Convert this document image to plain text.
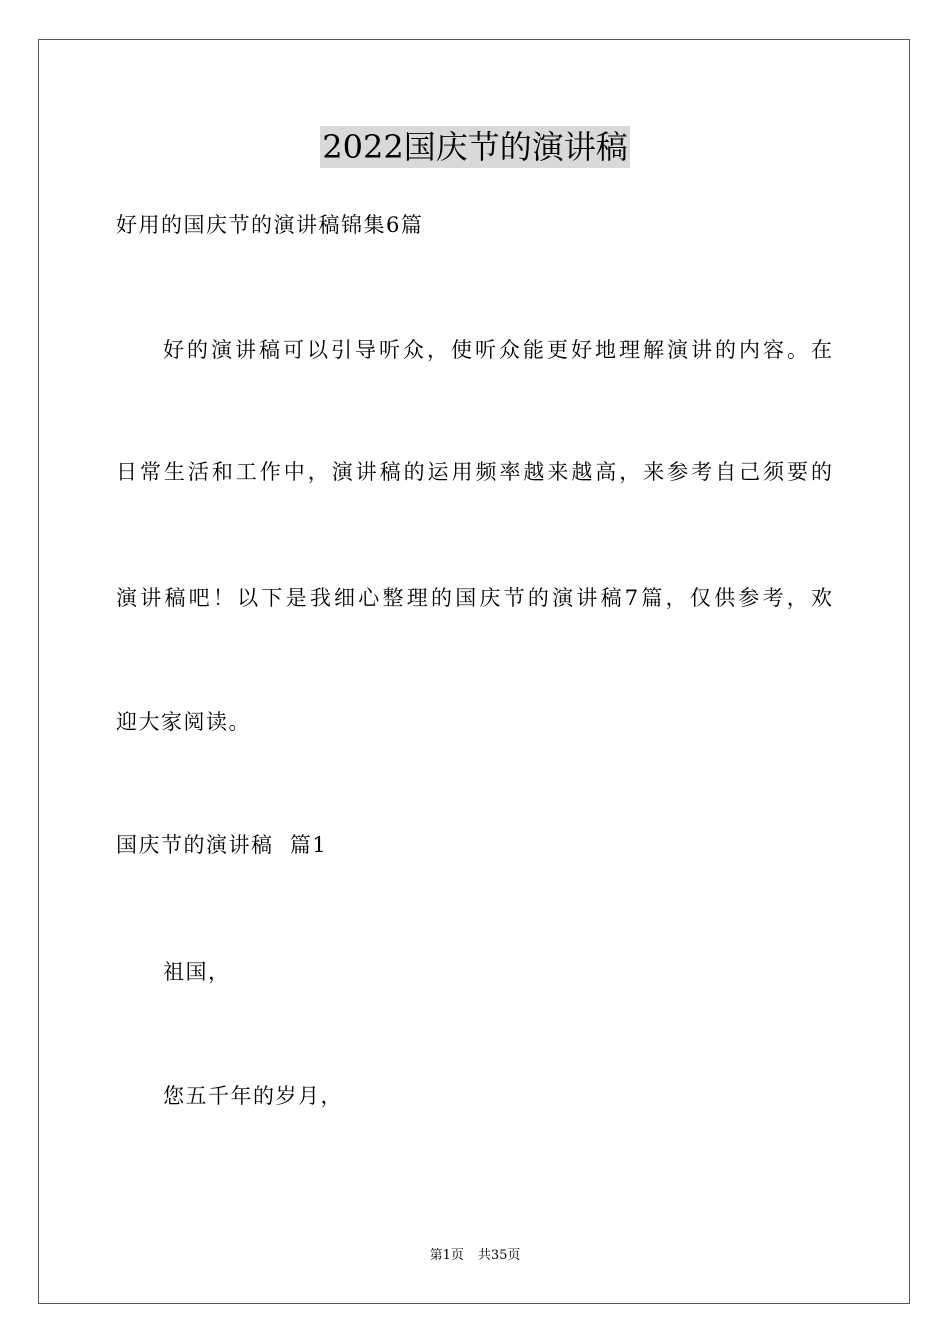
2022国庆节的演讲稿
好用的国庆节的演讲稿锦集6篇
好的演讲稿可以引导听众，使听众能更好地理解演讲的内容。在
日常生活和工作中，演讲稿的运用频率越来越高，来参考自己须要的
演讲稿吧！以下是我细心整理的国庆节的演讲稿7篇，仅供参考，欢
迎大家阅读。
国庆节的演讲稿  篇1
祖国，
您五千年的岁月，
第1页 共35页
